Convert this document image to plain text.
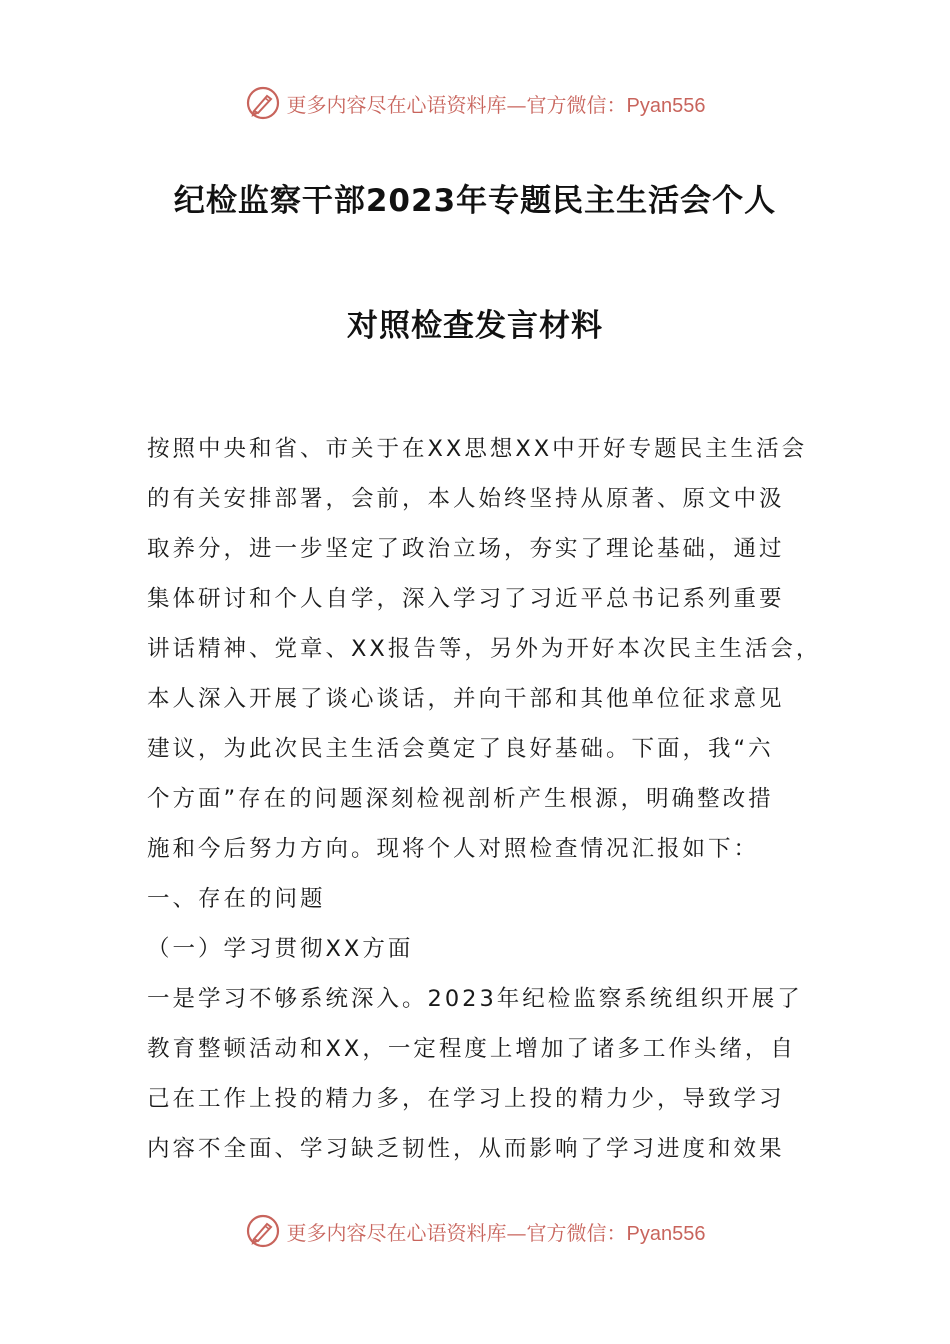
更多内容尽在心语资料库—官方微信：Pyan556
纪检监察干部2023年专题民主生活会个人
对照检查发言材料
按照中央和省、市关于在XX思想XX中开好专题民主生活会
的有关安排部署，会前，本人始终坚持从原著、原文中汲
取养分，进一步坚定了政治立场，夯实了理论基础，通过
集体研讨和个人自学，深入学习了习近平总书记系列重要
讲话精神、党章、XX报告等，另外为开好本次民主生活会，
本人深入开展了谈心谈话，并向干部和其他单位征求意见
建议，为此次民主生活会奠定了良好基础。下面，我“六
个方面”存在的问题深刻检视剖析产生根源，明确整改措
施和今后努力方向。现将个人对照检查情况汇报如下：
一、存在的问题
（一）学习贯彻XX方面
一是学习不够系统深入。2023年纪检监察系统组织开展了
教育整顿活动和XX，一定程度上增加了诸多工作头绪，自
己在工作上投的精力多，在学习上投的精力少，导致学习
内容不全面、学习缺乏韧性，从而影响了学习进度和效果
更多内容尽在心语资料库—官方微信：Pyan556
